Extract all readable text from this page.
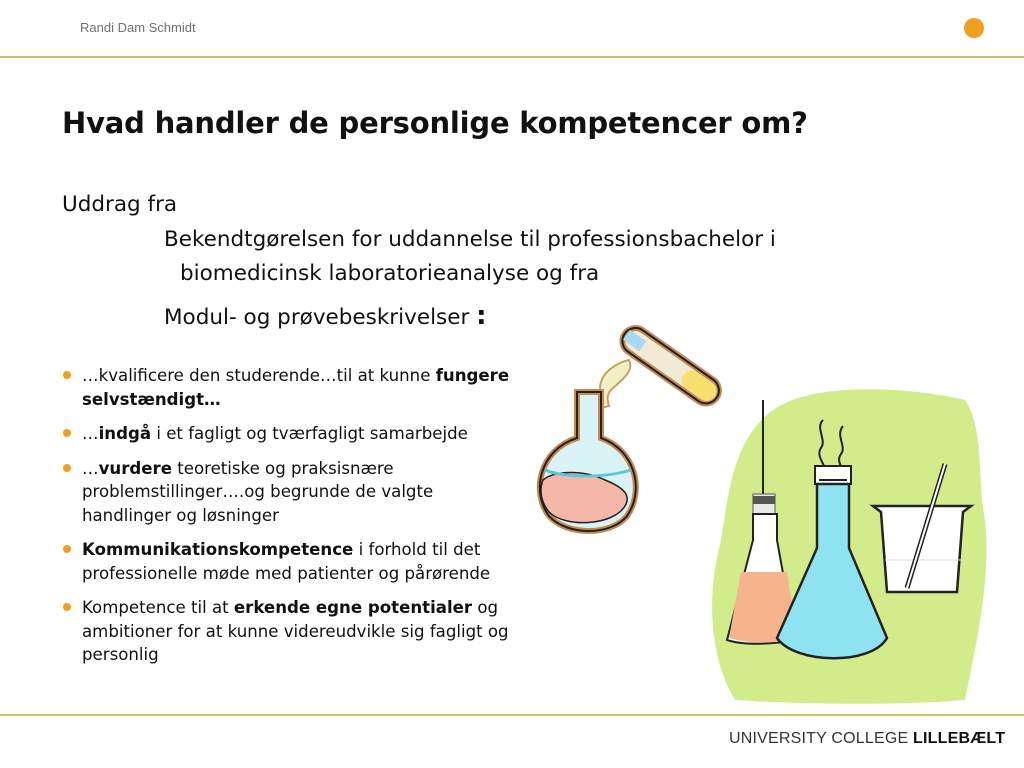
Randi Dam Schmidt
Hvad handler de personlige kompetencer om?
Uddrag fra
Bekendtgørelsen for uddannelse til professionsbachelor i
biomedicinsk laboratorieanalyse og fra
Modul- og prøvebeskrivelser :
…kvalificere den studerende…til at kunne fungere selvstændigt…
…indgå i et fagligt og tværfagligt samarbejde
…vurdere teoretiske og praksisnære problemstillinger….og begrunde de valgte handlinger og løsninger
Kommunikationskompetence i forhold til det professionelle møde med patienter og pårørende
Kompetence til at erkende egne potentialer og ambitioner for at kunne videreudvikle sig fagligt og personlig
UNIVERSITY COLLEGE LILLEBÆLT
